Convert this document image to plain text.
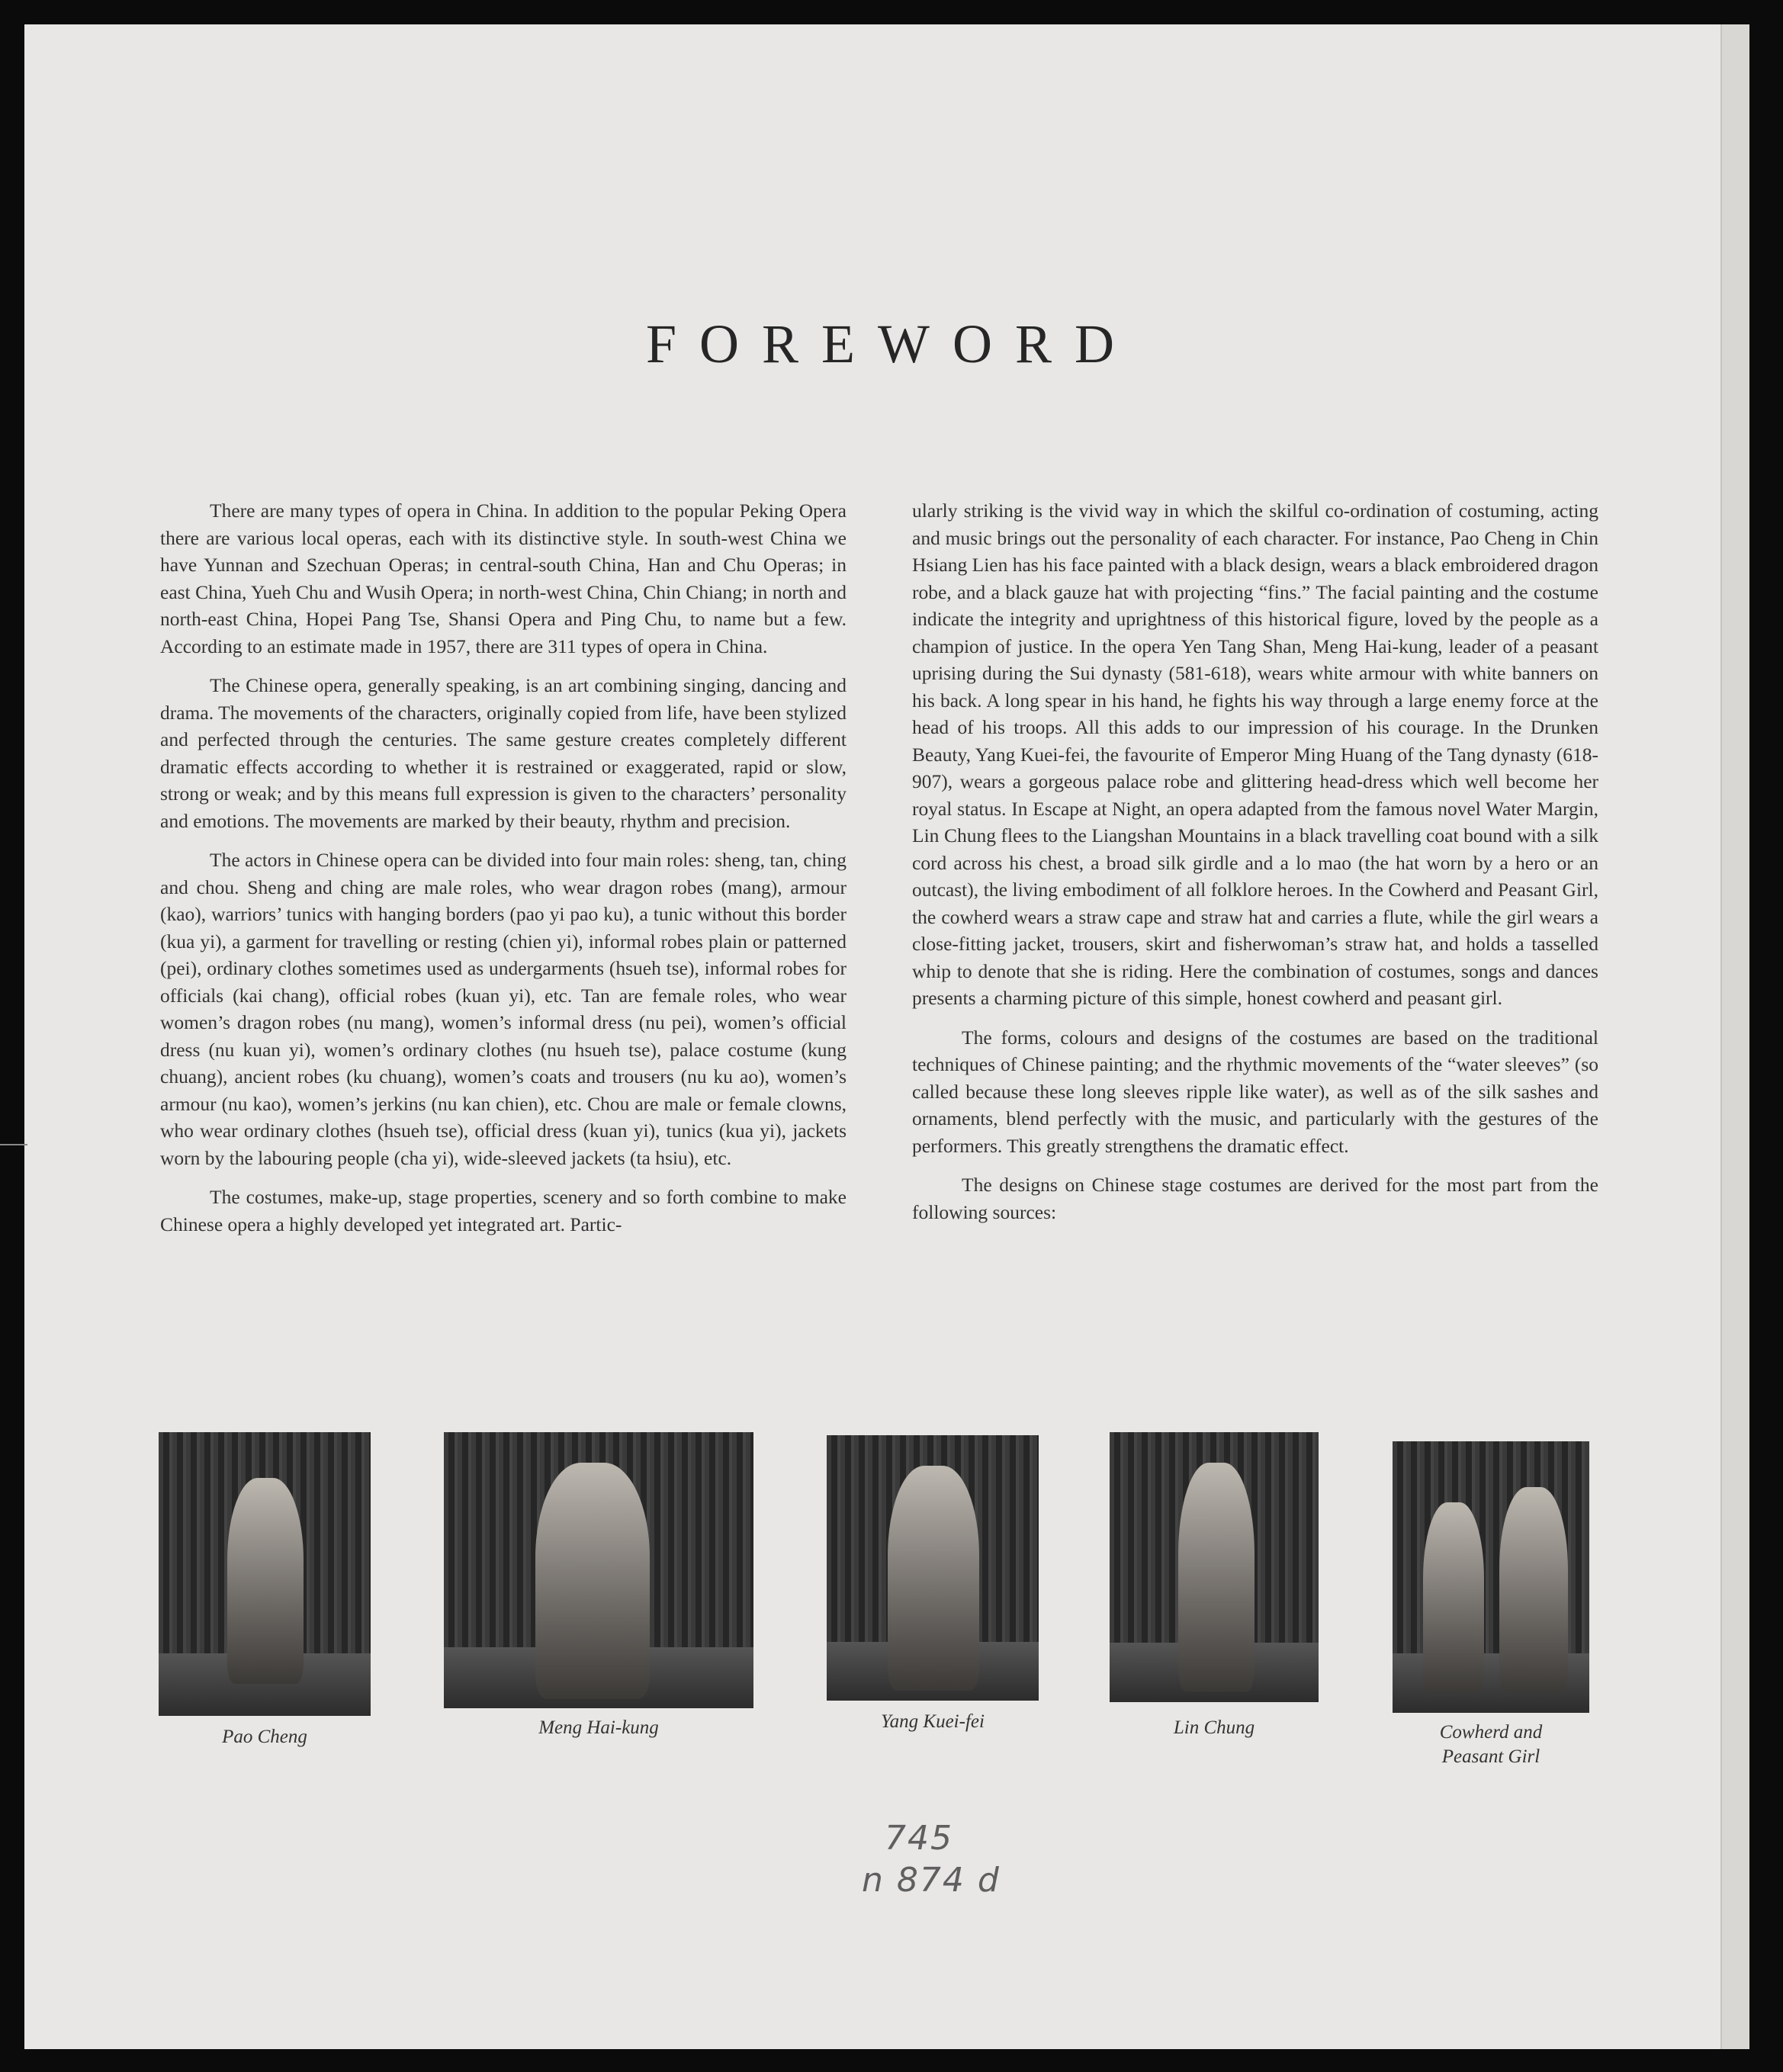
FOREWORD

There are many types of opera in China. In addition to the popular Peking Opera there are various local operas, each with its distinctive style. In south-west China we have Yunnan and Szechuan Operas; in central-south China, Han and Chu Operas; in east China, Yueh Chu and Wusih Opera; in north-west China, Chin Chiang; in north and north-east China, Hopei Pang Tse, Shansi Opera and Ping Chu, to name but a few. According to an estimate made in 1957, there are 311 types of opera in China.

The Chinese opera, generally speaking, is an art combining singing, dancing and drama. The movements of the characters, originally copied from life, have been stylized and perfected through the centuries. The same gesture creates completely different dramatic effects according to whether it is restrained or exaggerated, rapid or slow, strong or weak; and by this means full expression is given to the characters’ personality and emotions. The movements are marked by their beauty, rhythm and precision.

The actors in Chinese opera can be divided into four main roles: sheng, tan, ching and chou. Sheng and ching are male roles, who wear dragon robes (mang), armour (kao), warriors’ tunics with hanging borders (pao yi pao ku), a tunic without this border (kua yi), a garment for travelling or resting (chien yi), informal robes plain or patterned (pei), ordinary clothes sometimes used as undergarments (hsueh tse), informal robes for officials (kai chang), official robes (kuan yi), etc. Tan are female roles, who wear women’s dragon robes (nu mang), women’s informal dress (nu pei), women’s official dress (nu kuan yi), women’s ordinary clothes (nu hsueh tse), palace costume (kung chuang), ancient robes (ku chuang), women’s coats and trousers (nu ku ao), women’s armour (nu kao), women’s jerkins (nu kan chien), etc. Chou are male or female clowns, who wear ordinary clothes (hsueh tse), official dress (kuan yi), tunics (kua yi), jackets worn by the labouring people (cha yi), wide-sleeved jackets (ta hsiu), etc.

The costumes, make-up, stage properties, scenery and so forth combine to make Chinese opera a highly developed yet integrated art. Partic-

ularly striking is the vivid way in which the skilful co-ordination of costuming, acting and music brings out the personality of each character. For instance, Pao Cheng in Chin Hsiang Lien has his face painted with a black design, wears a black embroidered dragon robe, and a black gauze hat with projecting “fins.” The facial painting and the costume indicate the integrity and uprightness of this historical figure, loved by the people as a champion of justice. In the opera Yen Tang Shan, Meng Hai-kung, leader of a peasant uprising during the Sui dynasty (581-618), wears white armour with white banners on his back. A long spear in his hand, he fights his way through a large enemy force at the head of his troops. All this adds to our impression of his courage. In the Drunken Beauty, Yang Kuei-fei, the favourite of Emperor Ming Huang of the Tang dynasty (618-907), wears a gorgeous palace robe and glittering head-dress which well become her royal status. In Escape at Night, an opera adapted from the famous novel Water Margin, Lin Chung flees to the Liangshan Mountains in a black travelling coat bound with a silk cord across his chest, a broad silk girdle and a lo mao (the hat worn by a hero or an outcast), the living embodiment of all folklore heroes. In the Cowherd and Peasant Girl, the cowherd wears a straw cape and straw hat and carries a flute, while the girl wears a close-fitting jacket, trousers, skirt and fisherwoman’s straw hat, and holds a tasselled whip to denote that she is riding. Here the combination of costumes, songs and dances presents a charming picture of this simple, honest cowherd and peasant girl.

The forms, colours and designs of the costumes are based on the traditional techniques of Chinese painting; and the rhythmic movements of the “water sleeves” (so called because these long sleeves ripple like water), as well as of the silk sashes and ornaments, blend perfectly with the music, and particularly with the gestures of the performers. This greatly strengthens the dramatic effect.

The designs on Chinese stage costumes are derived for the most part from the following sources:

Pao Cheng	Meng Hai-kung	Yang Kuei-fei	Lin Chung	Cowherd and
Peasant Girl
745
n 874 d
